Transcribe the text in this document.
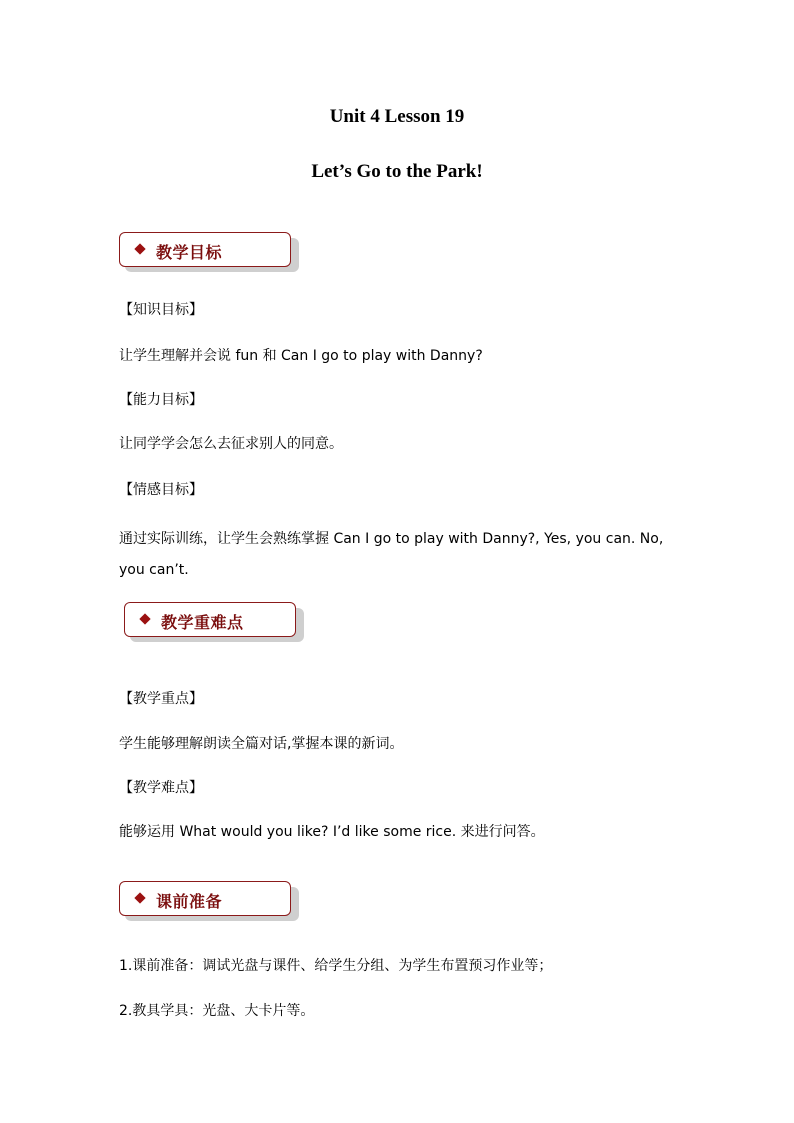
Unit 4 Lesson 19
Let’s Go to the Park!
教学目标
【知识目标】
让学生理解并会说 fun 和 Can I go to play with Danny?
【能力目标】
让同学学会怎么去征求别人的同意。
【情感目标】
通过实际训练，让学生会熟练掌握 Can I go to play with Danny?, Yes, you can. No, you can’t.
教学重难点
【教学重点】
学生能够理解朗读全篇对话,掌握本课的新词。
【教学难点】
能够运用 What would you like? I’d like some rice. 来进行问答。
课前准备
1.课前准备：调试光盘与课件、给学生分组、为学生布置预习作业等；
2.教具学具：光盘、大卡片等。
